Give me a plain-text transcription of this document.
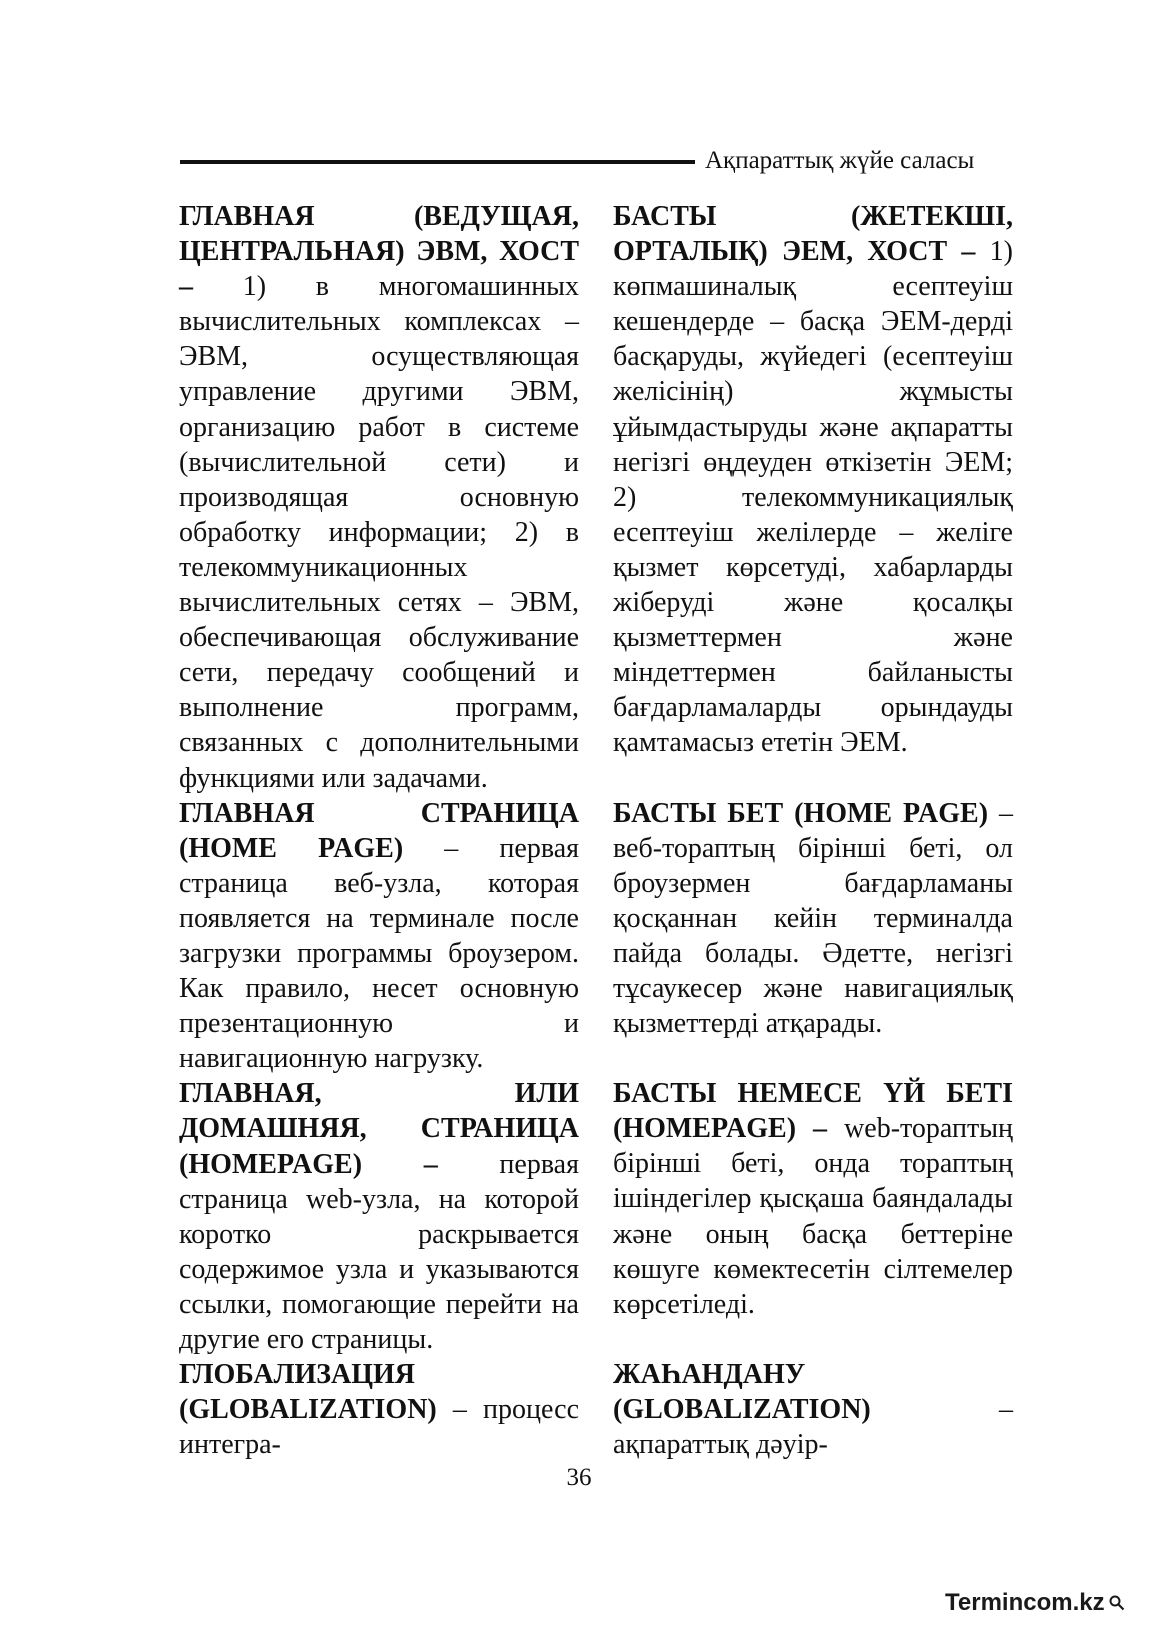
Ақпараттық жүйе саласы

ГЛАВНАЯ (ВЕДУЩАЯ, ЦЕНТРАЛЬНАЯ) ЭВМ, ХОСТ – 1) в многомашинных вычислительных комплексах – ЭВМ, осуществляющая управление другими ЭВМ, организацию работ в системе (вычислительной сети) и производящая основную обработку информации; 2) в телекоммуникационных вычислительных сетях – ЭВМ, обеспечивающая обслуживание сети, передачу сообщений и выполнение программ, связанных с дополнительными функциями или задачами.

ГЛАВНАЯ СТРАНИЦА (HOME PAGE) – первая страница веб-узла, которая появляется на терминале после загрузки программы броузером. Как правило, несет основную презентационную и навигационную нагрузку.

ГЛАВНАЯ, ИЛИ ДОМАШНЯЯ, СТРАНИЦА (HOMEPAGE) – первая страница web-узла, на которой коротко раскрывается содержимое узла и указываются ссылки, помогающие перейти на другие его страницы.

ГЛОБАЛИЗАЦИЯ (GLOBALIZATION) – процесс интегра-

БАСТЫ (ЖЕТЕКШІ, ОРТАЛЫҚ) ЭЕМ, ХОСТ – 1) көпмашиналық есептеуіш кешендерде – басқа ЭЕМ-дерді басқаруды, жүйедегі (есептеуіш желісінің) жұмысты ұйымдастыруды және ақпаратты негізгі өңдеуден өткізетін ЭЕМ; 2) телекоммуникациялық есептеуіш желілерде – желіге қызмет көрсетуді, хабарларды жіберуді және қосалқы қызметтермен және міндеттермен байланысты бағдарламаларды орындауды қамтамасыз ететін ЭЕМ.

БАСТЫ БЕТ (HOME PAGE) – веб-тораптың бірінші беті, ол броузермен бағдарламаны қосқаннан кейін терминалда пайда болады. Әдетте, негізгі тұсаукесер және навигациялық қызметтерді атқарады.

БАСТЫ НЕМЕСЕ ҮЙ БЕТІ (HOMEPAGE) – web-тораптың бірінші беті, онда тораптың ішіндегілер қысқаша баяндалады және оның басқа беттеріне көшуге көмектесетін сілтемелер көрсетіледі.

ЖАҺАНДАНУ (GLOBALIZATION) – ақпараттық дәуір-

36
Termincom.kz
